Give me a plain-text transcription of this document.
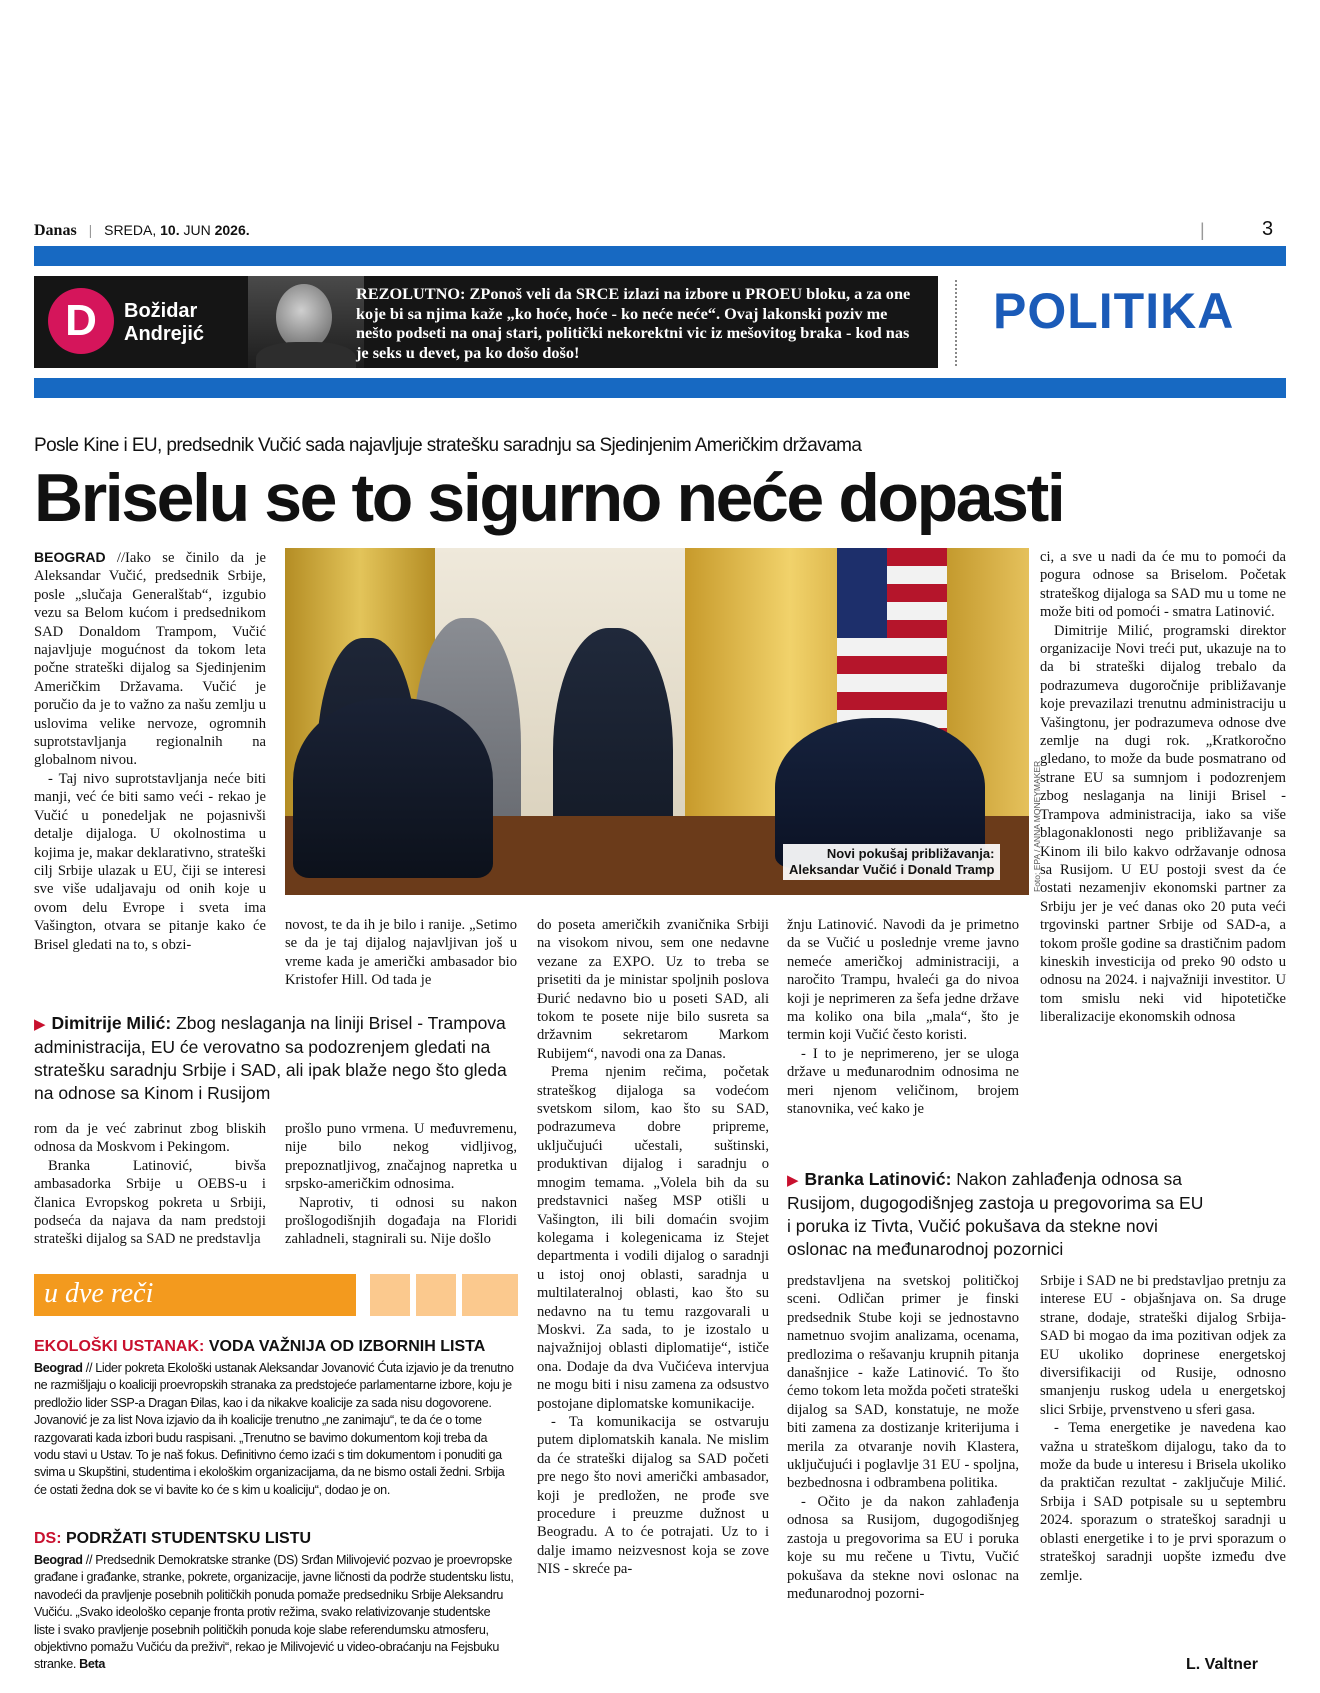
Danas | SREDA, 10. JUN 2026.	|	3
D	Božidar
Andrejić
REZOLUTNO: ZPonoš veli da SRCE izlazi na izbore u PROEU bloku, a za one koje bi sa njima kaže „ko hoće, hoće - ko neće neće“. Ovaj lakonski poziv me nešto podseti na onaj stari, politički nekorektni vic iz mešovitog braka - kod nas je seks u devet, pa ko došo došo!
POLITIKA
Posle Kine i EU, predsednik Vučić sada najavljuje stratešku saradnju sa Sjedinjenim Američkim državama
Briselu se to sigurno neće dopasti
Novi pokušaj približavanja:
Aleksandar Vučić i Donald Tramp	Foto: EPA / ANNA MONEYMAKER

BEOGRAD //Iako se činilo da je Aleksandar Vučić, predsednik Srbije, posle „slučaja Generalštab“, izgubio vezu sa Belom kućom i predsednikom SAD Donaldom Trampom, Vučić najavljuje mogućnost da tokom leta počne strateški dijalog sa Sjedinjenim Američkim Državama. Vučić je poručio da je to važno za našu zemlju u uslovima velike nervoze, ogromnih suprotstavljanja regionalnih na globalnom nivou.

- Taj nivo suprotstavljanja neće biti manji, već će biti samo veći - rekao je Vučić u ponedeljak ne pojasnivši detalje dijaloga. U okolnostima u kojima je, makar deklarativno, strateški cilj Srbije ulazak u EU, čiji se interesi sve više udaljavaju od onih koje u ovom delu Evrope i sveta ima Vašington, otvara se pitanje kako će Brisel gledati na to, s obzi-

novost, te da ih je bilo i ranije. „Setimo se da je taj dijalog najavljivan još u vreme kada je američki ambasador bio Kristofer Hill. Od tada je

▶ Dimitrije Milić: Zbog neslaganja na liniji Brisel - Trampova administracija, EU će verovatno sa podozrenjem gledati na stratešku saradnju Srbije i SAD, ali ipak blaže nego što gleda na odnose sa Kinom i Rusijom

rom da je već zabrinut zbog bliskih odnosa da Moskvom i Pekingom.

Branka Latinović, bivša ambasadorka Srbije u OEBS-u i članica Evropskog pokreta u Srbiji, podseća da najava da nam predstoji strateški dijalog sa SAD ne predstavlja

prošlo puno vrmena. U međuvremenu, nije bilo nekog vidljivog, prepoznatljivog, značajnog napretka u srpsko-američkim odnosima.

Naprotiv, ti odnosi su nakon prošlogodišnjih događaja na Floridi zahladneli, stagnirali su. Nije došlo

do poseta američkih zvaničnika Srbiji na visokom nivou, sem one nedavne vezane za EXPO. Uz to treba se prisetiti da je ministar spoljnih poslova Đurić nedavno bio u poseti SAD, ali tokom te posete nije bilo susreta sa državnim sekretarom Markom Rubijem“, navodi ona za Danas.

Prema njenim rečima, početak strateškog dijaloga sa vodećom svetskom silom, kao što su SAD, podrazumeva dobre pripreme, uključujući učestali, suštinski, produktivan dijalog i saradnju o mnogim temama. „Volela bih da su predstavnici našeg MSP otišli u Vašington, ili bili domaćin svojim kolegama i kolegenicama iz Stejet departmenta i vodili dijalog o saradnji u istoj onoj oblasti, saradnja u multilateralnoj oblasti, kao što su nedavno na tu temu razgovarali u Moskvi. Za sada, to je izostalo u najvažnijoj oblasti diplomatije“, ističe ona. Dodaje da dva Vučićeva intervjua ne mogu biti i nisu zamena za odsustvo postojane diplomatske komunikacije.

- Ta komunikacija se ostvaruju putem diplomatskih kanala. Ne mislim da će strateški dijalog sa SAD početi pre nego što novi američki ambasador, koji je predložen, ne prođe sve procedure i preuzme dužnost u Beogradu. A to će potrajati. Uz to i dalje imamo neizvesnost koja se zove NIS - skreće pa-

žnju Latinović. Navodi da je primetno da se Vučić u poslednje vreme javno nemeće američkoj administraciji, a naročito Trampu, hvaleći ga do nivoa koji je neprimeren za šefa jedne države ma koliko ona bila „mala“, što je termin koji Vučić često koristi.

- I to je neprimereno, jer se uloga države u međunarodnim odnosima ne meri njenom veličinom, brojem stanovnika, već kako je

ci, a sve u nadi da će mu to pomoći da pogura odnose sa Briselom. Početak strateškog dijaloga sa SAD mu u tome ne može biti od pomoći - smatra Latinović.

Dimitrije Milić, programski direktor organizacije Novi treći put, ukazuje na to da bi strateški dijalog trebalo da podrazumeva dugoročnije približavanje koje prevazilazi trenutnu administraciju u Vašingtonu, jer podrazumeva odnose dve zemlje na dugi rok. „Kratkoročno gledano, to može da bude posmatrano od strane EU sa sumnjom i podozrenjem zbog neslaganja na liniji Brisel - Trampova administracija, iako sa više blagonaklonosti nego približavanje sa Kinom ili bilo kakvo održavanje odnosa sa Rusijom. U EU postoji svest da će ostati nezamenjiv ekonomski partner za Srbiju jer je već danas oko 20 puta veći trgovinski partner Srbije od SAD-a, a tokom prošle godine sa drastičnim padom kineskih investicija od preko 90 odsto u odnosu na 2024. i najvažniji investitor. U tom smislu neki vid hipotetičke liberalizacije ekonomskih odnosa

▶ Branka Latinović: Nakon zahlađenja odnosa sa Rusijom, dugogodišnjeg zastoja u pregovorima sa EU i poruka iz Tivta, Vučić pokušava da stekne novi oslonac na međunarodnoj pozornici

predstavljena na svetskoj političkoj sceni. Odličan primer je finski predsednik Stube koji se jednostavno nametnuo svojim analizama, ocenama, predlozima o rešavanju krupnih pitanja današnjice - kaže Latinović. To što ćemo tokom leta možda početi strateški dijalog sa SAD, konstatuje, ne može biti zamena za dostizanje kriterijuma i merila za otvaranje novih Klastera, uključujući i poglavlje 31 EU - spoljna, bezbednosna i odbrambena politika.

- Očito je da nakon zahlađenja odnosa sa Rusijom, dugogodišnjeg zastoja u pregovorima sa EU i poruka koje su mu rečene u Tivtu, Vučić pokušava da stekne novi oslonac na međunarodnoj pozorni-

Srbije i SAD ne bi predstavljao pretnju za interese EU - objašnjava on. Sa druge strane, dodaje, strateški dijalog Srbija-SAD bi mogao da ima pozitivan odjek za EU ukoliko doprinese energetskoj diversifikaciji od Rusije, odnosno smanjenju ruskog udela u energetskoj slici Srbije, prvenstveno u sferi gasa.

- Tema energetike je navedena kao važna u strateškom dijalogu, tako da to može da bude u interesu i Brisela ukoliko da praktičan rezultat - zaključuje Milić. Srbija i SAD potpisale su u septembru 2024. sporazum o strateškoj saradnji u oblasti energetike i to je prvi sporazum o strateškoj saradnji uopšte između dve zemlje.

L. Valtner
u dve reči
EKOLOŠKI USTANAK: VODA VAŽNIJA OD IZBORNIH LISTA
Beograd // Lider pokreta Ekološki ustanak Aleksandar Jovanović Ćuta izjavio je da trenutno ne razmišljaju o koaliciji proevropskih stranaka za predstojeće parlamentarne izbore, koju je predložio lider SSP-a Dragan Đilas, kao i da nikakve koalicije za sada nisu dogovorene. Jovanović je za list Nova izjavio da ih koalicije trenutno „ne zanimaju“, te da će o tome razgovarati kada izbori budu raspisani. „Trenutno se bavimo dokumentom koji treba da vodu stavi u Ustav. To je naš fokus. Definitivno ćemo izaći s tim dokumentom i ponuditi ga svima u Skupštini, studentima i ekološkim organizacijama, da ne bismo ostali žedni. Srbija će ostati žedna dok se vi bavite ko će s kim u koaliciju“, dodao je on.
DS: PODRŽATI STUDENTSKU LISTU
Beograd // Predsednik Demokratske stranke (DS) Srđan Milivojević pozvao je proevropske građane i građanke, stranke, pokrete, organizacije, javne ličnosti da podrže studentsku listu, navodeći da pravljenje posebnih političkih ponuda pomaže predsedniku Srbije Aleksandru Vučiću. „Svako ideološko cepanje fronta protiv režima, svako relativizovanje studentske liste i svako pravljenje posebnih političkih ponuda koje slabe referendumsku atmosferu, objektivno pomažu Vučiću da preživi“, rekao je Milivojević u video-obraćanju na Fejsbuku stranke. Beta
